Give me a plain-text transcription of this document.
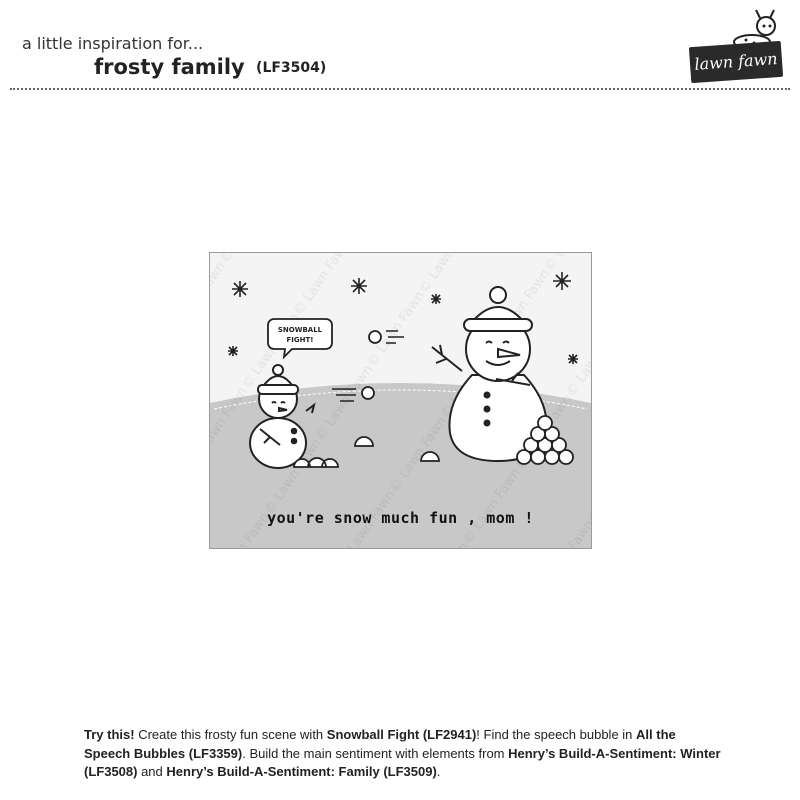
a little inspiration for...
frosty family (LF3504)	lawn fawn
SNOWBALL
FIGHT!
you're snow much fun , mom !
Try this! Create this frosty fun scene with Snowball Fight (LF2941)! Find the speech bubble in All the Speech Bubbles (LF3359). Build the main sentiment with elements from Henry’s Build-A-Sentiment: Winter (LF3508) and Henry’s Build-A-Sentiment: Family (LF3509).
